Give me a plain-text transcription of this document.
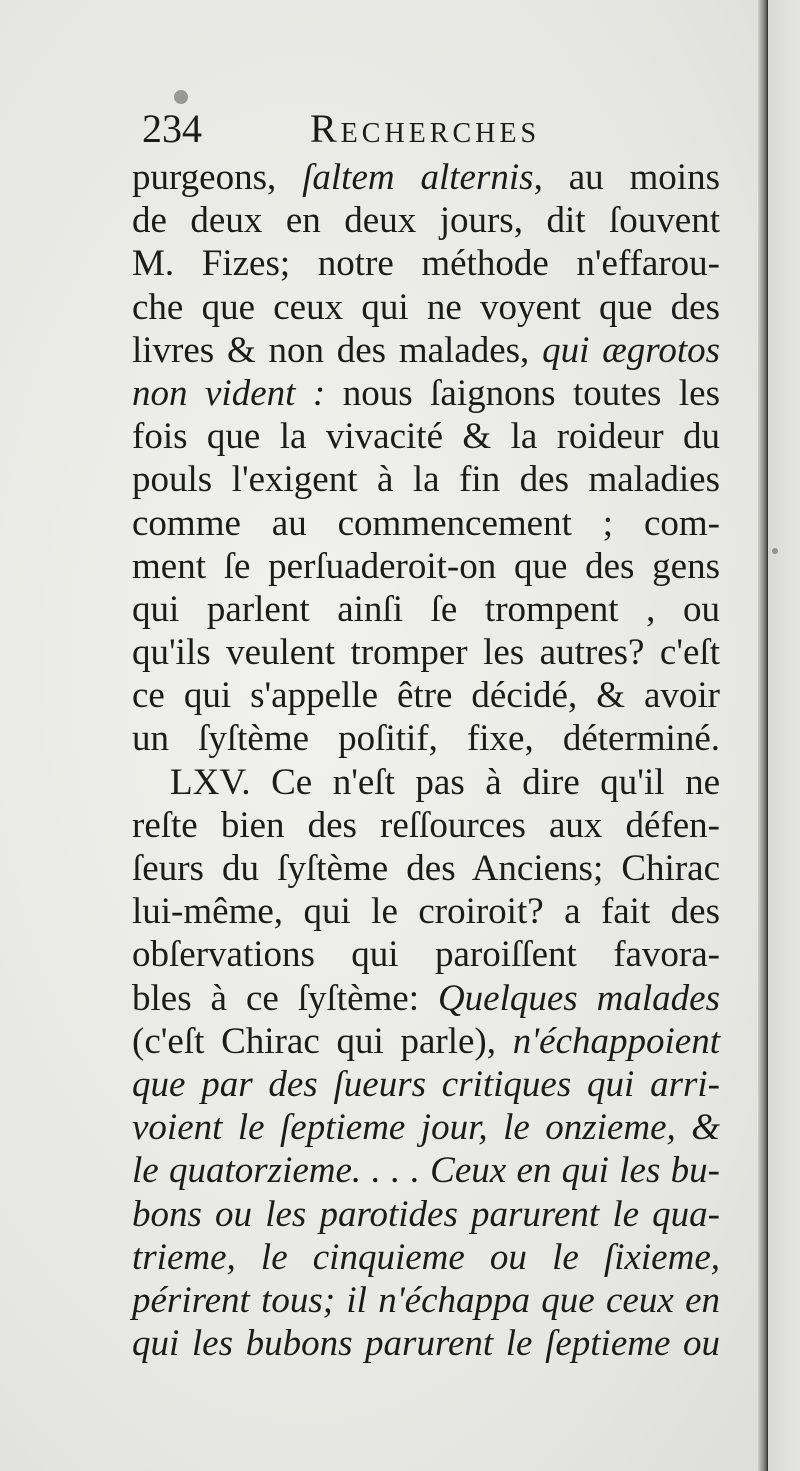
234	Recherches
purgeons, ſaltem alternis, au moins
de deux en deux jours, dit ſouvent
M. Fizes; notre méthode n'effarou-
che que ceux qui ne voyent que des
livres & non des malades, qui ægrotos
non vident : nous ſaignons toutes les
fois que la vivacité & la roideur du
pouls l'exigent à la fin des maladies
comme au commencement ; com-
ment ſe perſuaderoit-on que des gens
qui parlent ainſi ſe trompent , ou
qu'ils veulent tromper les autres? c'eſt
ce qui s'appelle être décidé, & avoir
un ſyſtème poſitif, fixe, déterminé.
LXV. Ce n'eſt pas à dire qu'il ne
reſte bien des reſſources aux défen-
ſeurs du ſyſtème des Anciens; Chirac
lui-même, qui le croiroit? a fait des
obſervations qui paroiſſent favora-
bles à ce ſyſtème: Quelques malades
(c'eſt Chirac qui parle), n'échappoient
que par des ſueurs critiques qui arri-
voient le ſeptieme jour, le onzieme, &
le quatorzieme. . . . Ceux en qui les bu-
bons ou les parotides parurent le qua-
trieme, le cinquieme ou le ſixieme,
périrent tous; il n'échappa que ceux en
qui les bubons parurent le ſeptieme ou
